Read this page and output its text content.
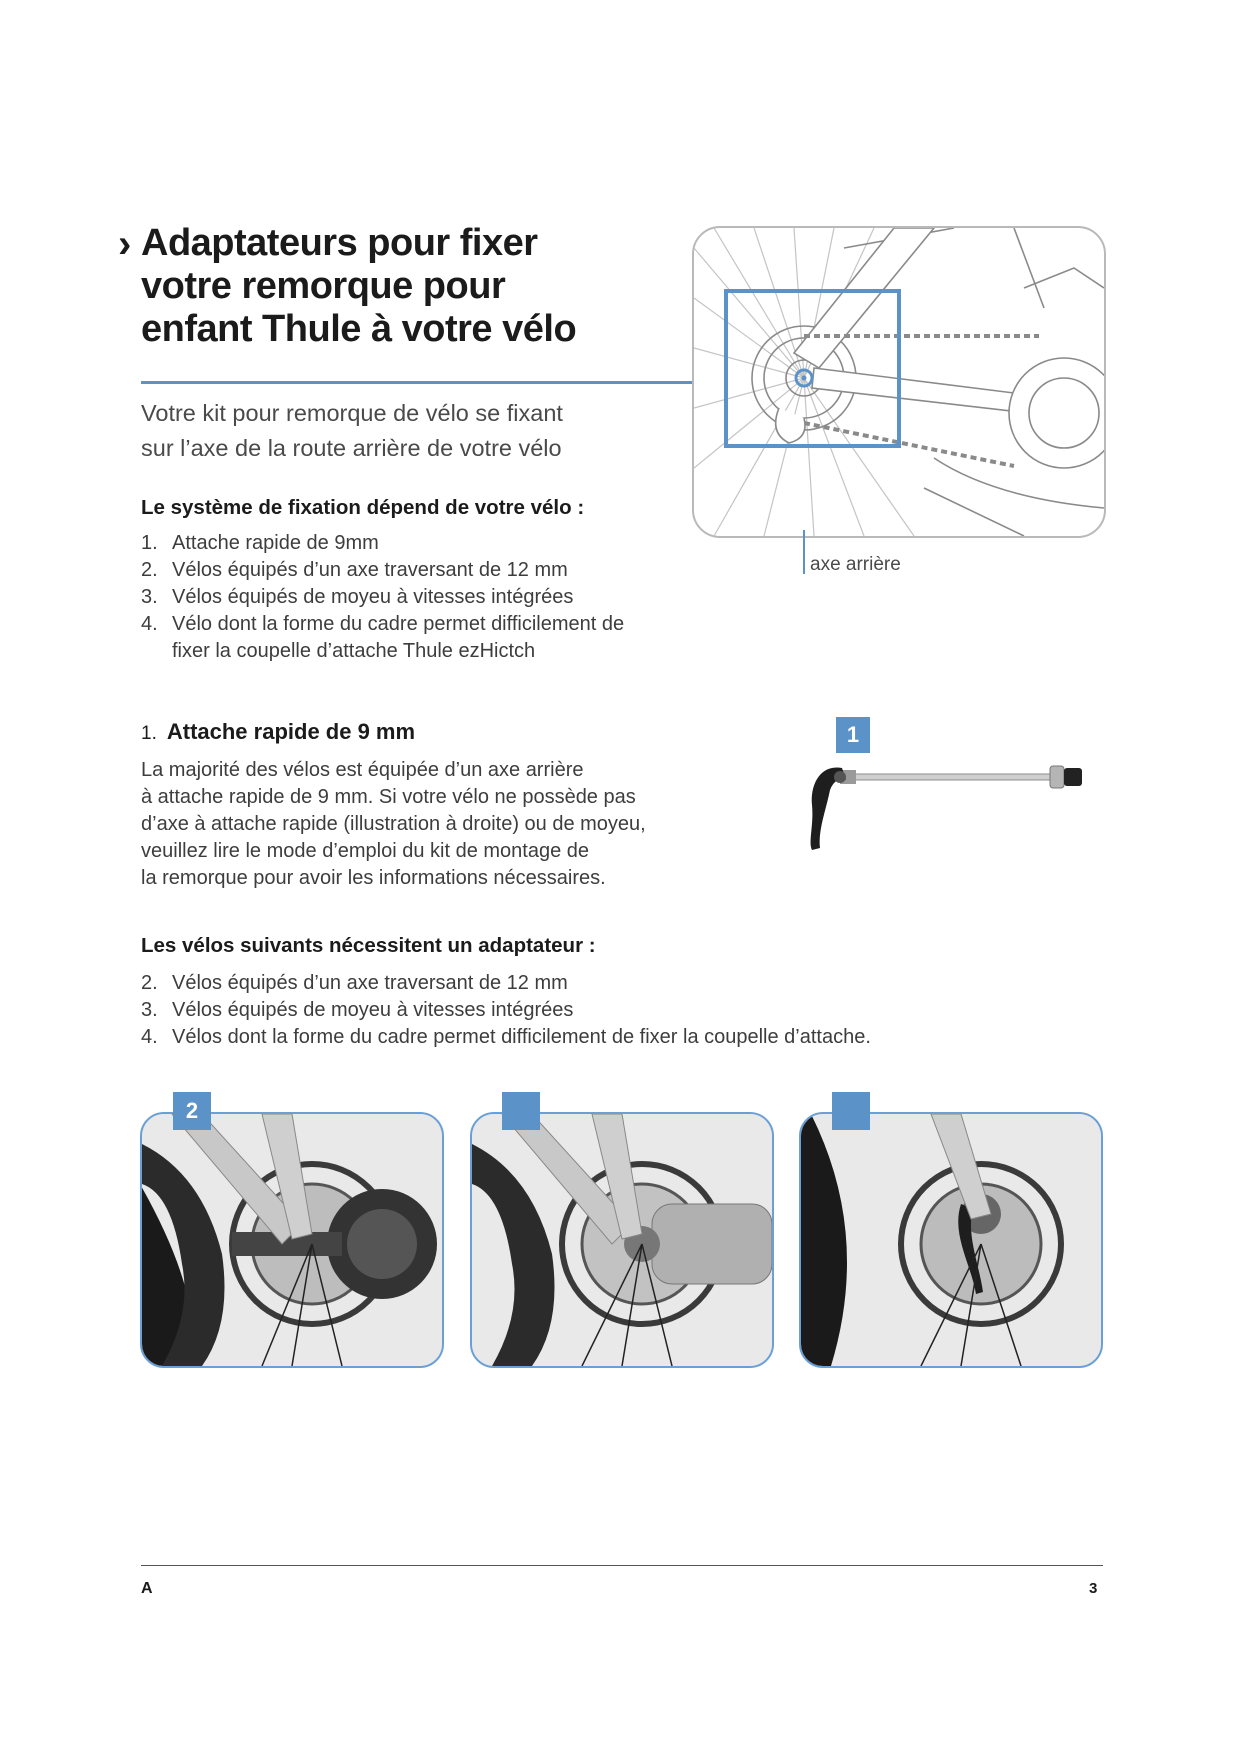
› Adaptateurs pour fixer
votre remorque pour
enfant Thule à votre vélo
Votre kit pour remorque de vélo se fixant
sur l’axe de la route arrière de votre vélo
Le système de fixation dépend de votre vélo :
1. Attache rapide de 9mm
2. Vélos équipés d’un axe traversant de 12 mm
3. Vélos équipés de moyeu à vitesses intégrées
4. Vélo dont la forme du cadre permet difficilement de fixer la coupelle d’attache Thule ezHictch
axe arrière
1. Attache rapide de 9 mm
La majorité des vélos est équipée d’un axe arrière
à attache rapide de 9 mm. Si votre vélo ne possède pas
d’axe à attache rapide (illustration à droite) ou de moyeu,
veuillez lire le mode d’emploi du kit de montage de
la remorque pour avoir les informations nécessaires.
1
Les vélos suivants nécessitent un adaptateur :
2. Vélos équipés d’un axe traversant de 12 mm
3. Vélos équipés de moyeu à vitesses intégrées
4. Vélos dont la forme du cadre permet difficilement de fixer la coupelle d’attache.
2
A	3
